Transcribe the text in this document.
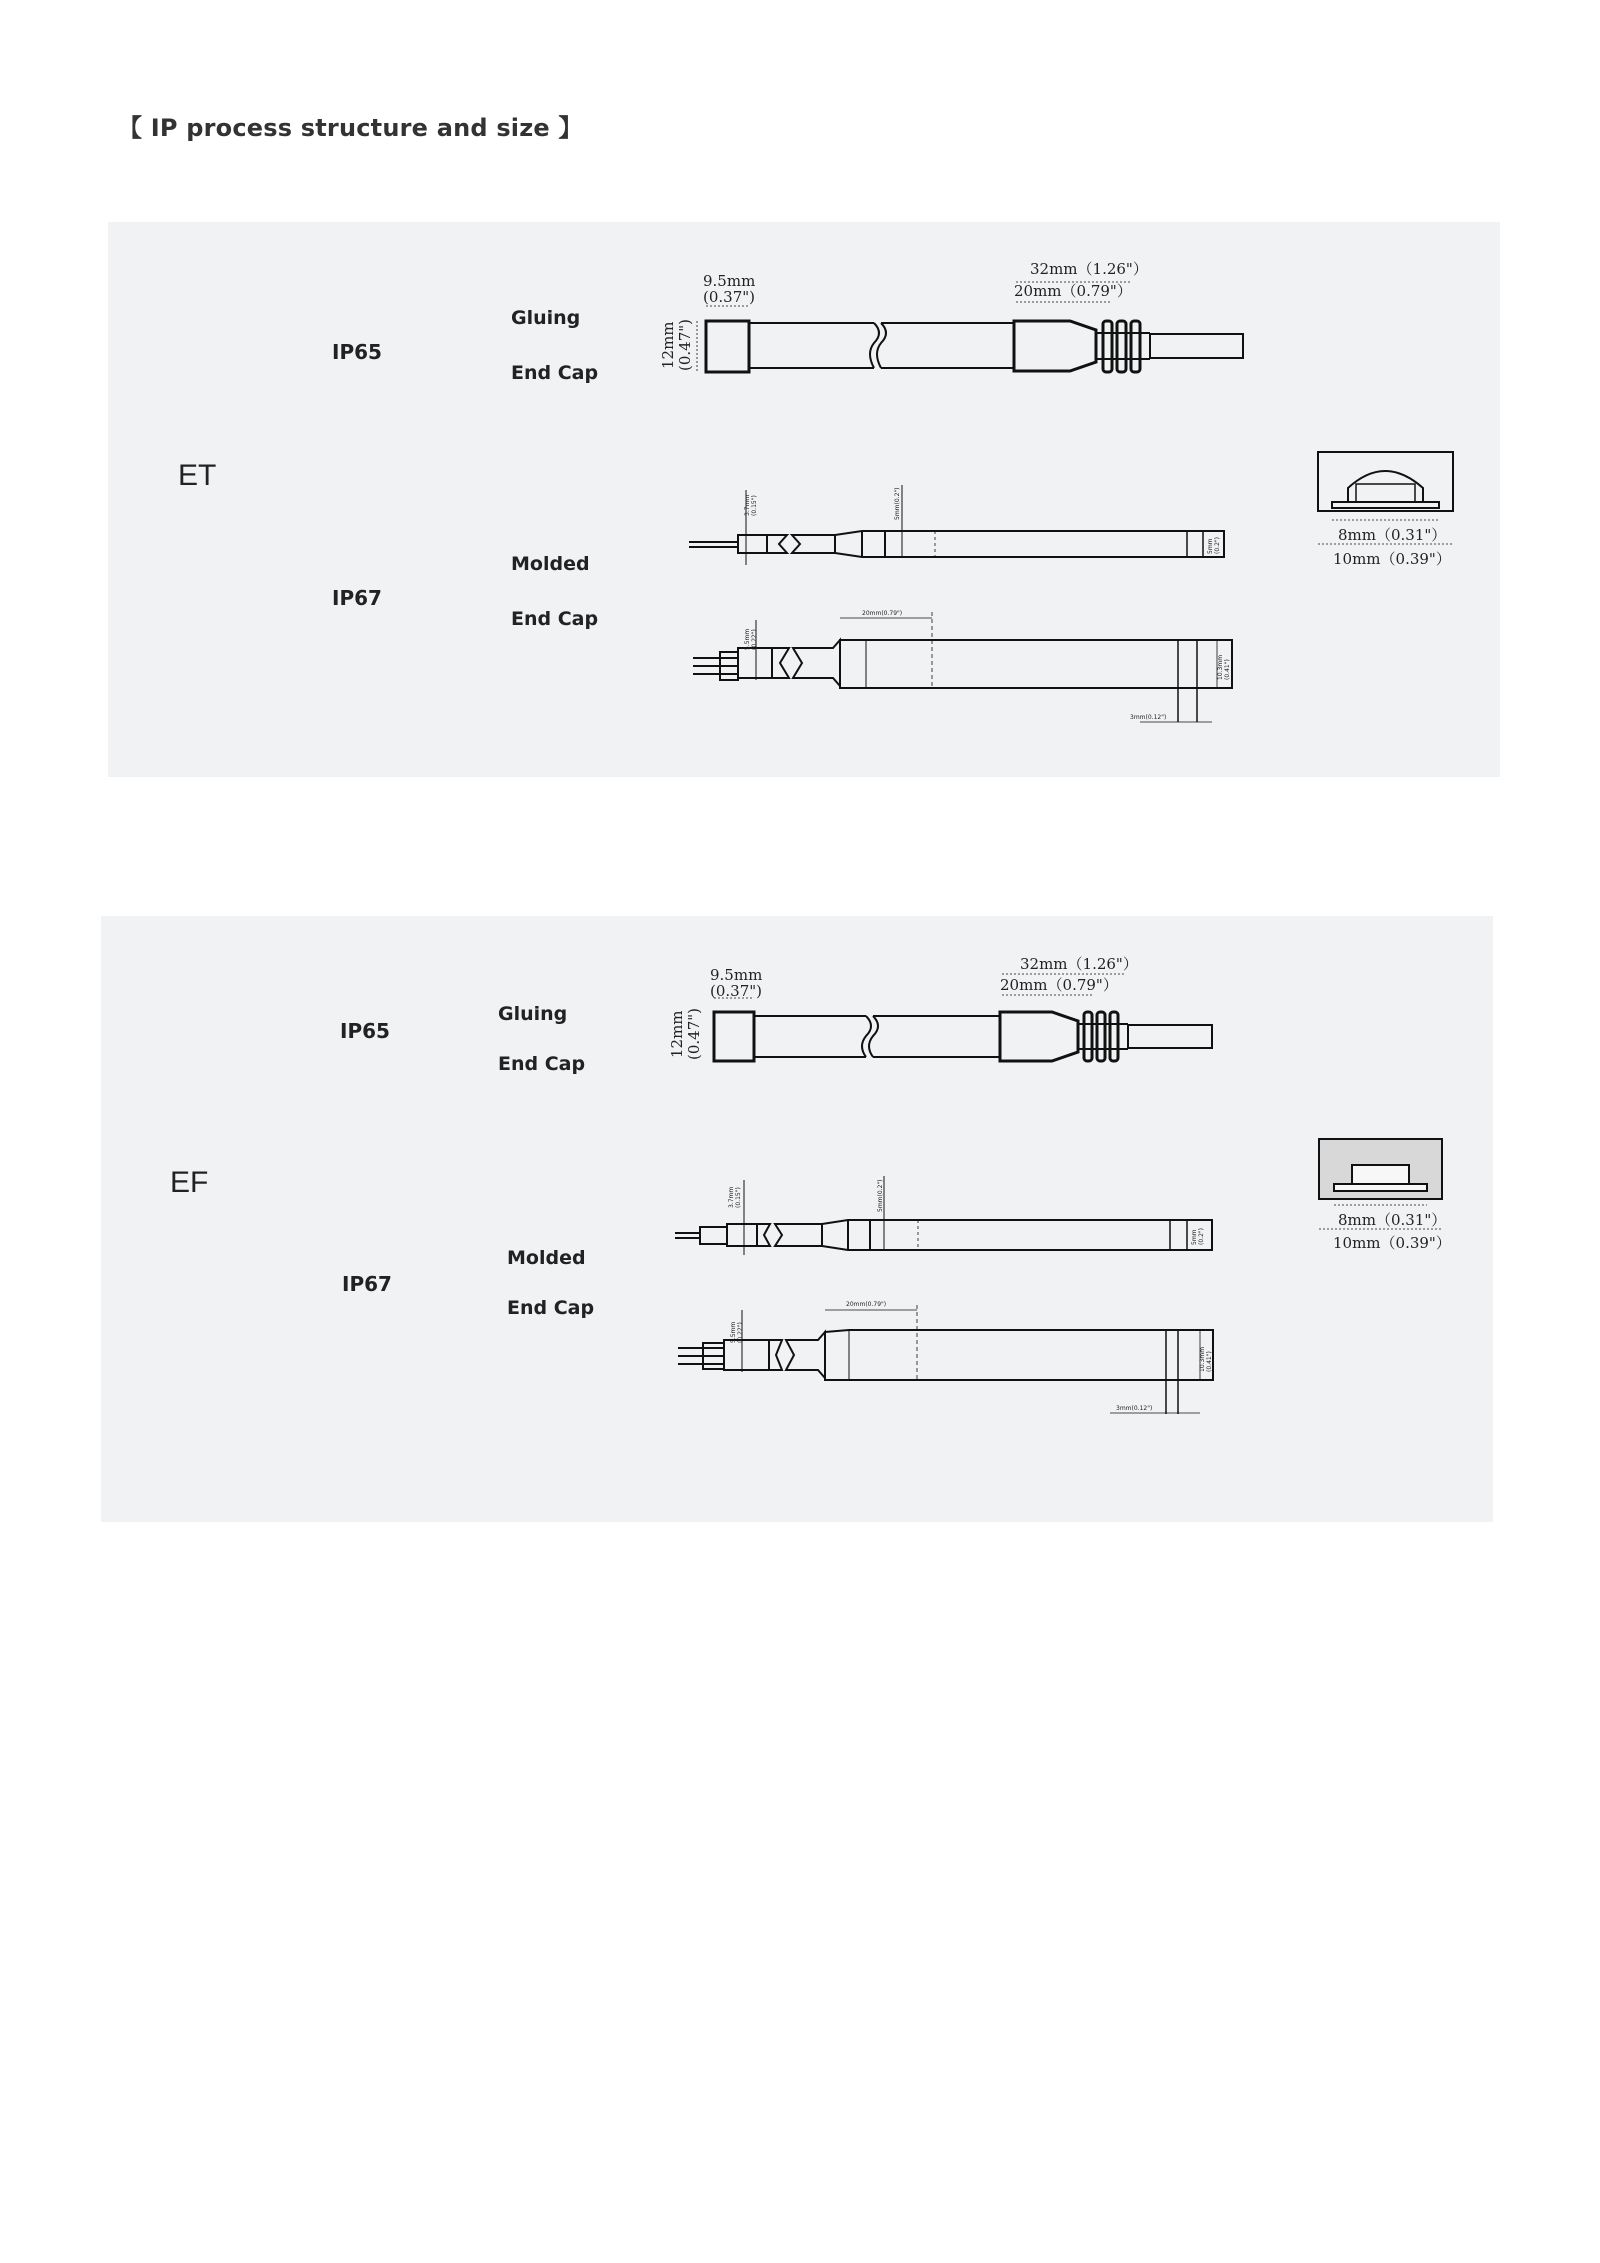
【 IP process structure and size 】
ET
IP65
Gluing
End Cap
IP67
Molded
End Cap
EF
IP65
Gluing
End Cap
IP67
Molded
End Cap
9.5mm
(0.37")
12mm (0.47")
32mm（1.26"）
20mm（0.79"）
8mm（0.31"）
10mm（0.39"）
3.7mm (0.15")	5mm(0.2")
5mm (0.2")
5.5mm (0.22")
20mm(0.79")
10.3mm (0.41")
3mm(0.12")
9.5mm
(0.37")
12mm (0.47")
32mm（1.26"）
20mm（0.79"）
8mm（0.31"）
10mm（0.39"）
3.7mm (0.15")	5mm(0.2")
5mm (0.2")
5.5mm (0.22")
20mm(0.79")
10.3mm (0.41")
3mm(0.12")
